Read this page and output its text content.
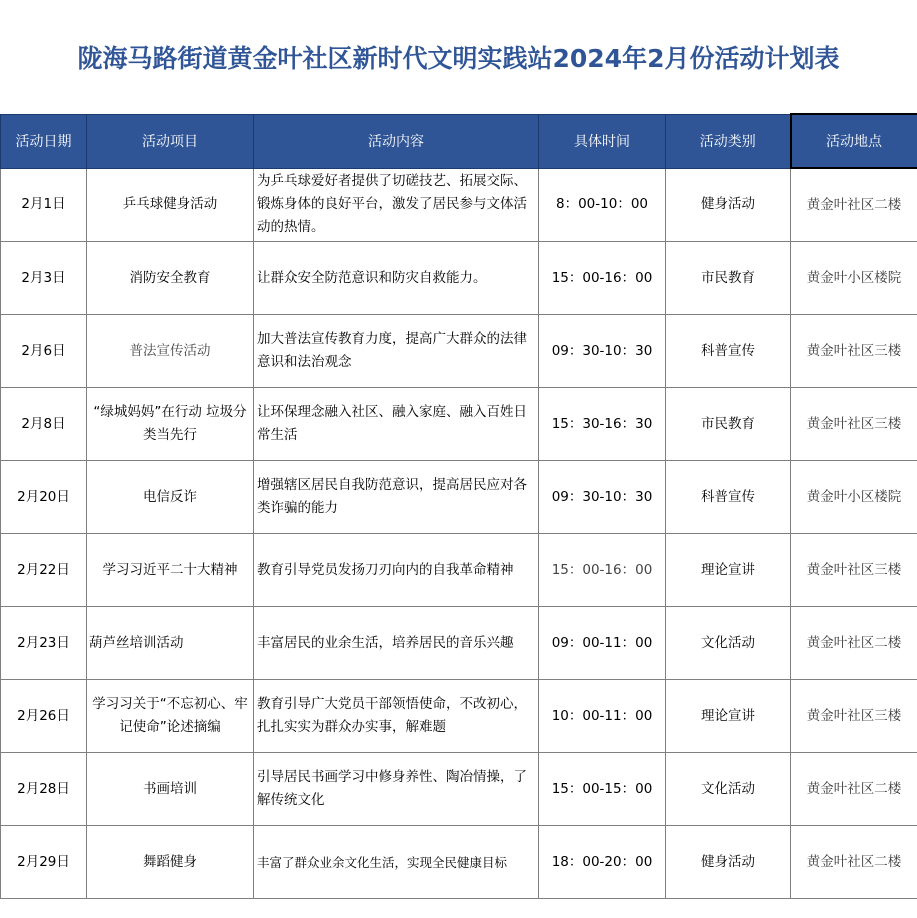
陇海马路街道黄金叶社区新时代文明实践站2024年2月份活动计划表
活动日期	活动项目	活动内容	具体时间	活动类别	活动地点
2月1日	乒乓球健身活动	为乒乓球爱好者提供了切磋技艺、拓展交际、锻炼身体的良好平台，激发了居民参与文体活动的热情。	8：00-10：00	健身活动	黄金叶社区二楼
2月3日	消防安全教育	让群众安全防范意识和防灾自救能力。	15：00-16：00	市民教育	黄金叶小区楼院
2月6日	普法宣传活动	加大普法宣传教育力度，提高广大群众的法律意识和法治观念	09：30-10：30	科普宣传	黄金叶社区三楼
2月8日	“绿城妈妈”在行动 垃圾分类当先行	让环保理念融入社区、融入家庭、融入百姓日常生活	15：30-16：30	市民教育	黄金叶社区三楼
2月20日	电信反诈	增强辖区居民自我防范意识，提高居民应对各类诈骗的能力	09：30-10：30	科普宣传	黄金叶小区楼院
2月22日	学习习近平二十大精神	教育引导党员发扬刀刃向内的自我革命精神	15：00-16：00	理论宣讲	黄金叶社区三楼
2月23日	葫芦丝培训活动	丰富居民的业余生活，培养居民的音乐兴趣	09：00-11：00	文化活动	黄金叶社区二楼
2月26日	学习习关于“不忘初心、牢记使命”论述摘编	教育引导广大党员干部领悟使命，不改初心，扎扎实实为群众办实事，解难题	10：00-11：00	理论宣讲	黄金叶社区三楼
2月28日	书画培训	引导居民书画学习中修身养性、陶冶情操，了解传统文化	15：00-15：00	文化活动	黄金叶社区二楼
2月29日	舞蹈健身	丰富了群众业余文化生活，实现全民健康目标	18：00-20：00	健身活动	黄金叶社区二楼
